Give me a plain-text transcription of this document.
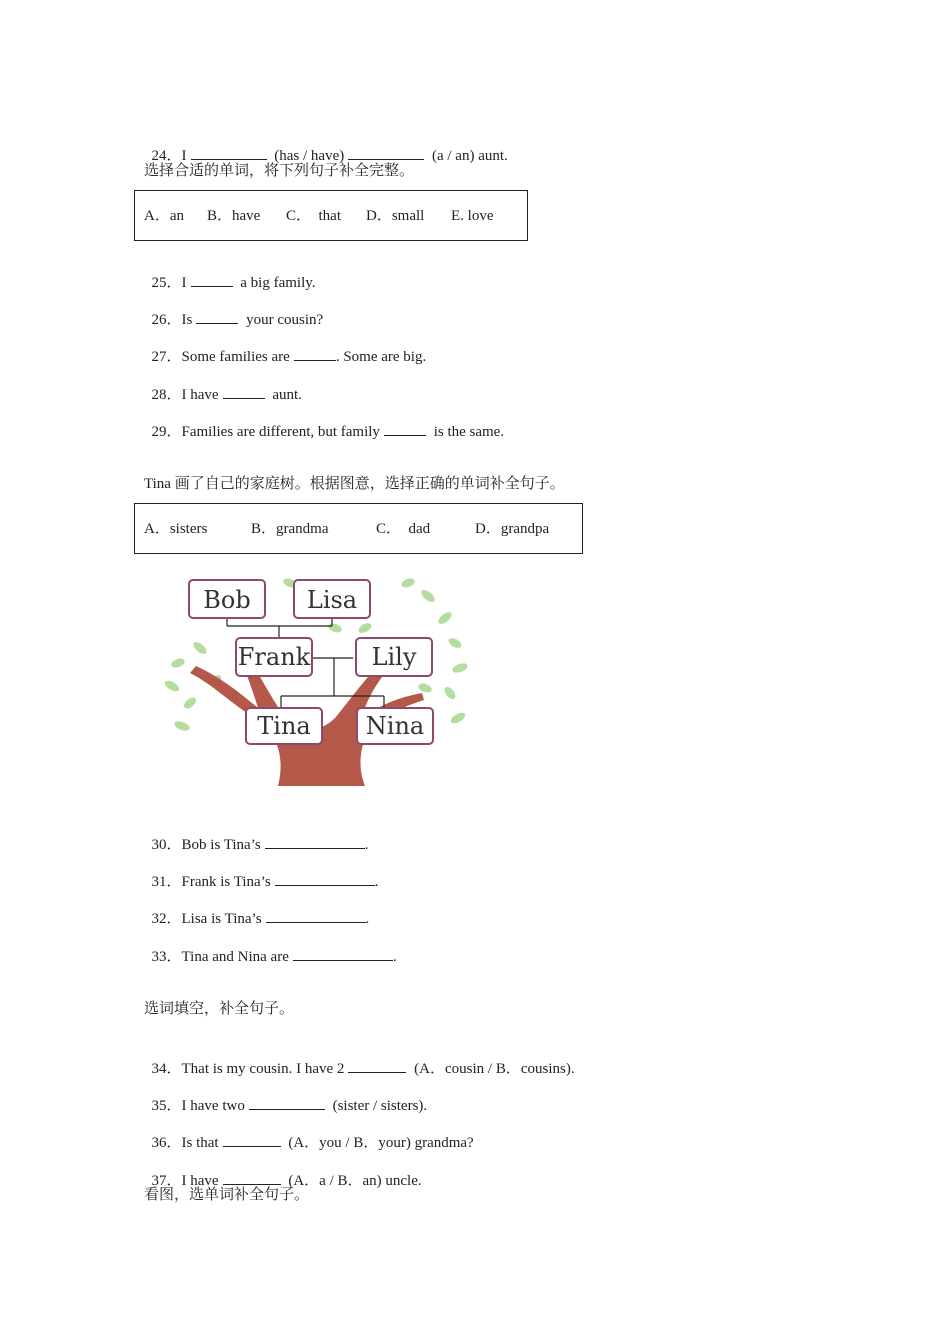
24．I	(has / have)	(a / an) aunt.

选择合适的单词，将下列句子补全完整。
A．an B．have C．  that D．small E. love

25．I	a big family.

26．Is	your cousin?

27．Some families are	. Some are big.

28．I have	aunt.

29．Families are different, but family	is the same.

Tina 画了自己的家庭树。根据图意，选择正确的单词补全句子。
A．sisters	B．grandma	C．  dad	D．grandpa
Bob Lisa
Frank	Lily
Tina Nina

30．Bob is Tina’s	.

31．Frank is Tina’s	.

32．Lisa is Tina’s	.

33．Tina and Nina are	.

选词填空，补全句子。

34．That is my cousin. I have 2	(A．cousin / B．cousins).

35．I have two	(sister / sisters).

36．Is that	(A．you / B．your) grandma?

37．I have	(A．a / B．an) uncle.

看图，选单词补全句子。
